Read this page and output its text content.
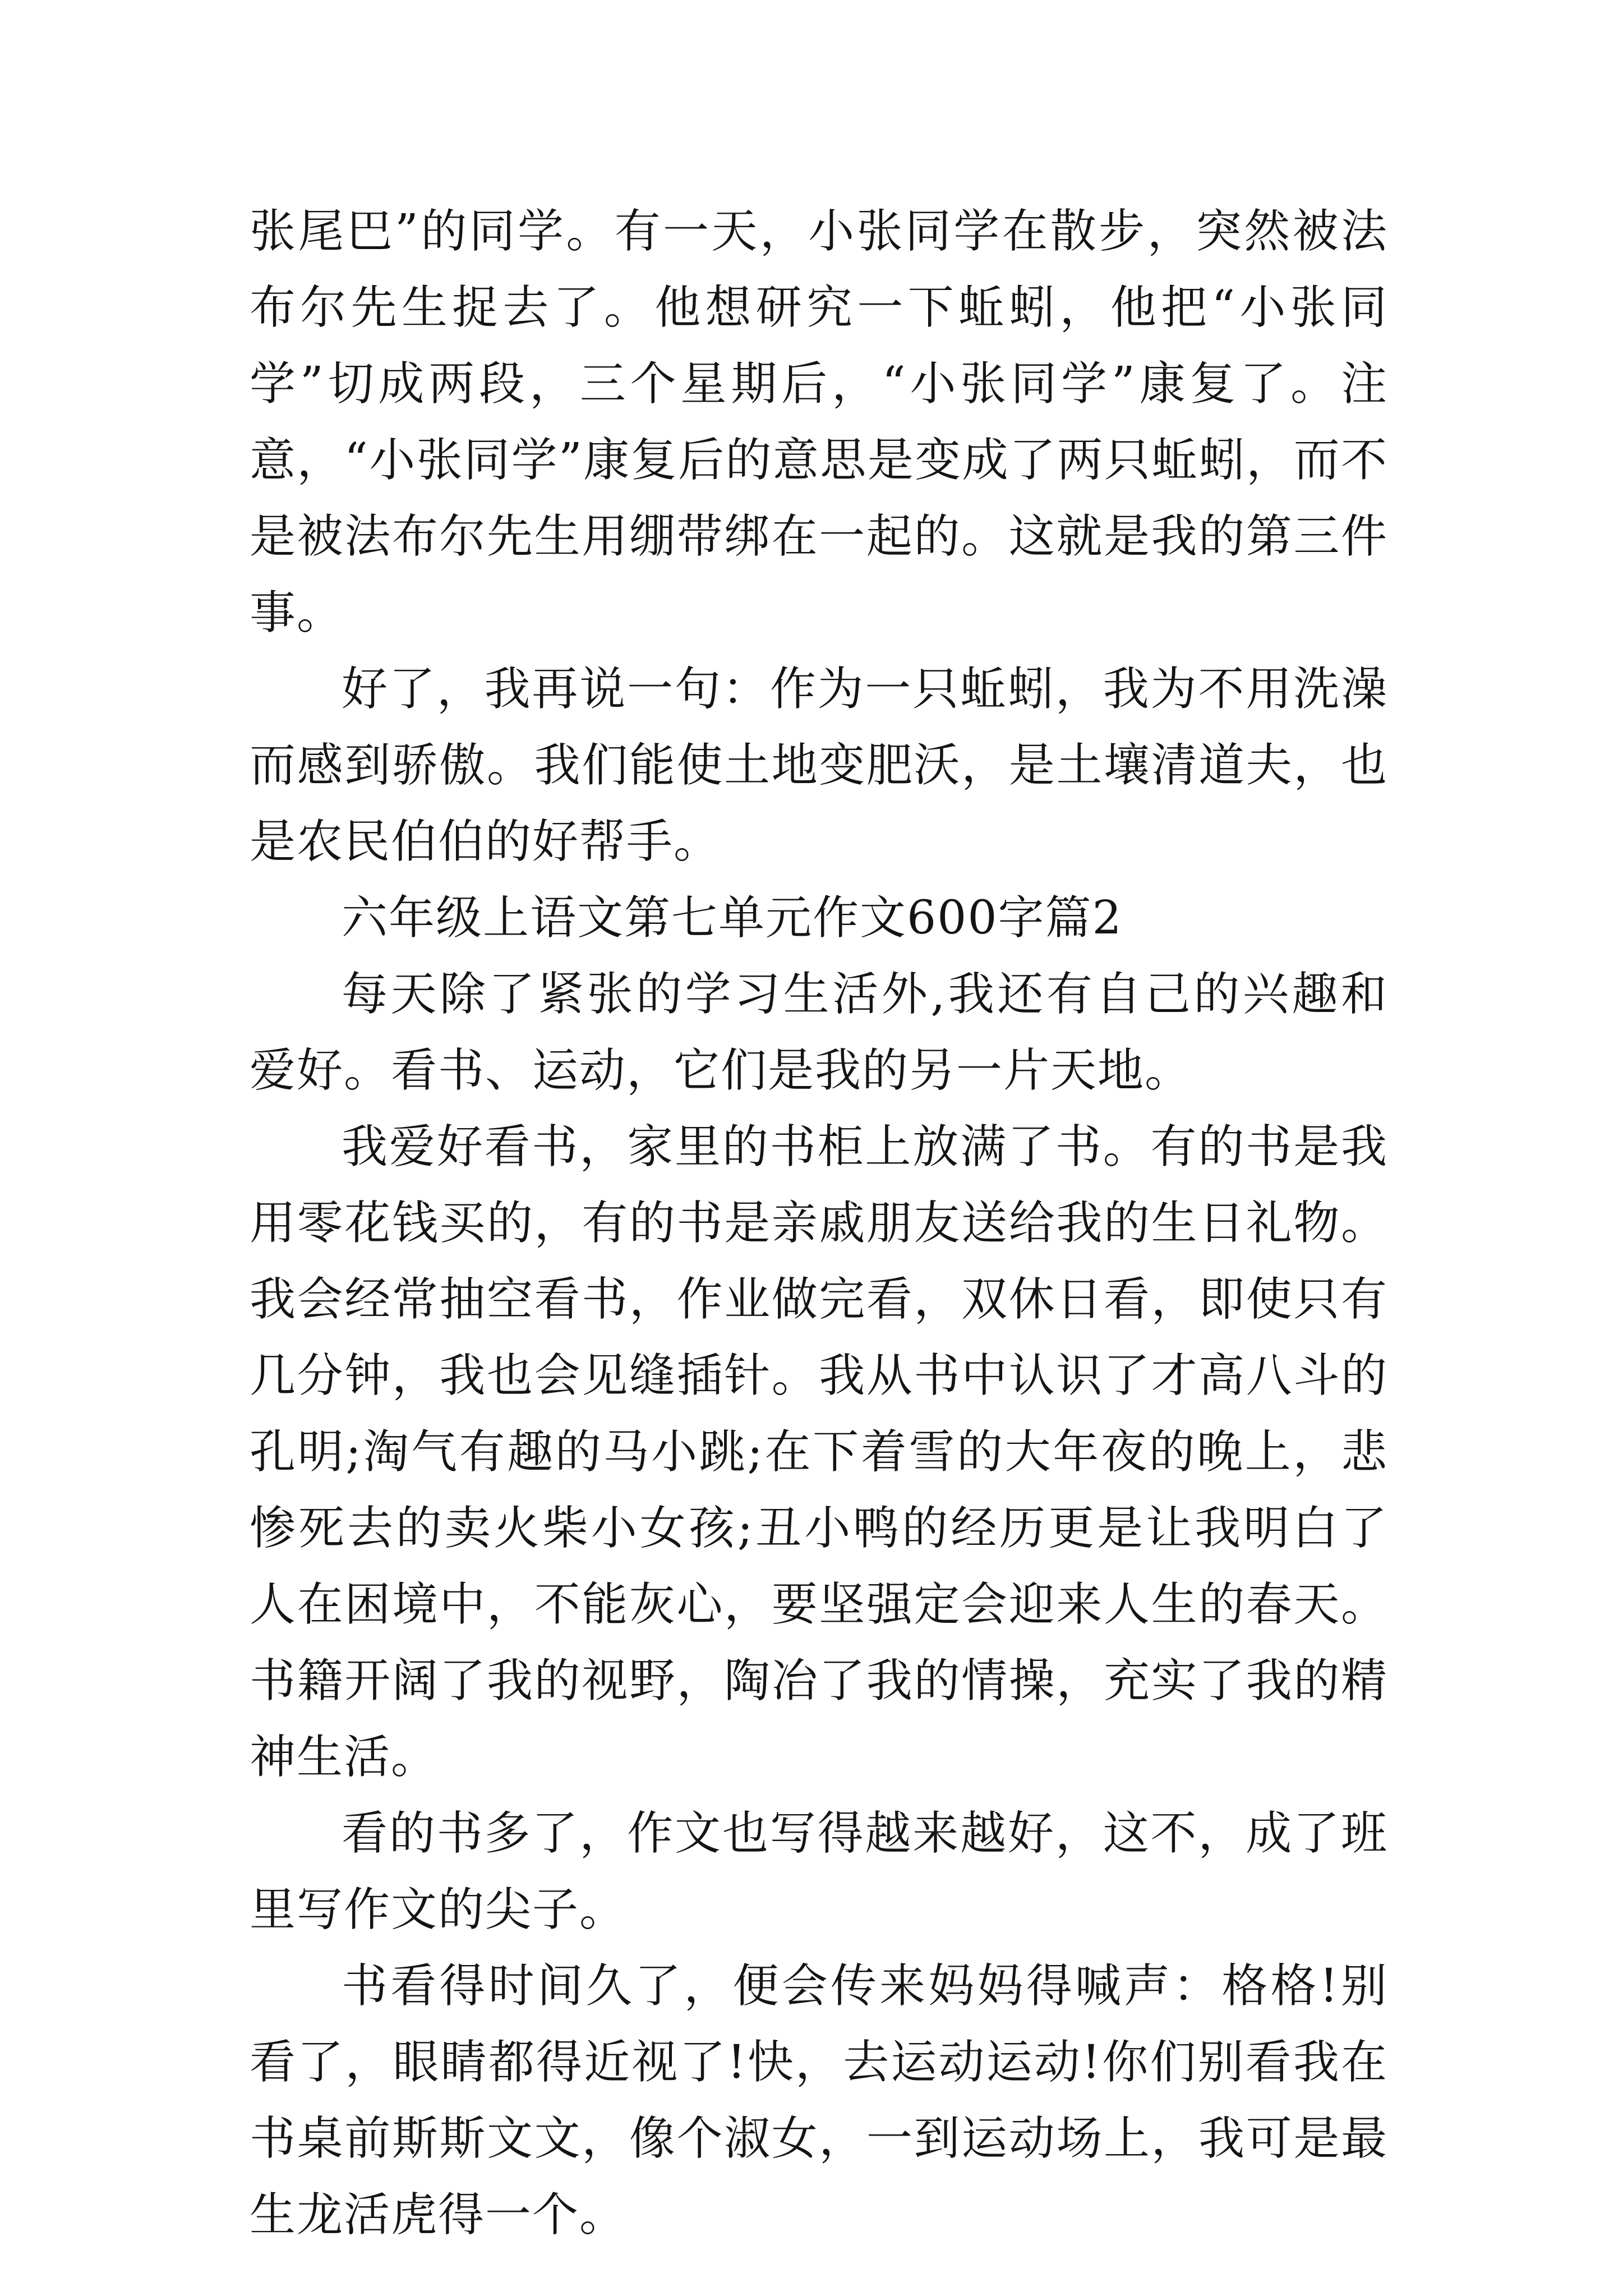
张尾巴”的同学。有一天，小张同学在散步，突然被法布尔先生捉去了。他想研究一下蚯蚓，他把“小张同学”切成两段，三个星期后，“小张同学”康复了。注意，“小张同学”康复后的意思是变成了两只蚯蚓，而不是被法布尔先生用绷带绑在一起的。这就是我的第三件事。

好了，我再说一句：作为一只蚯蚓，我为不用洗澡而感到骄傲。我们能使土地变肥沃，是土壤清道夫，也是农民伯伯的好帮手。

六年级上语文第七单元作文600字篇2

每天除了紧张的学习生活外,我还有自己的兴趣和爱好。看书、运动，它们是我的另一片天地。

我爱好看书，家里的书柜上放满了书。有的书是我用零花钱买的，有的书是亲戚朋友送给我的生日礼物。我会经常抽空看书，作业做完看，双休日看，即使只有几分钟，我也会见缝插针。我从书中认识了才高八斗的孔明;淘气有趣的马小跳;在下着雪的大年夜的晚上，悲惨死去的卖火柴小女孩;丑小鸭的经历更是让我明白了人在困境中，不能灰心，要坚强定会迎来人生的春天。书籍开阔了我的视野，陶冶了我的情操，充实了我的精神生活。

看的书多了，作文也写得越来越好，这不，成了班里写作文的尖子。

书看得时间久了，便会传来妈妈得喊声：格格!别看了，眼睛都得近视了!快，去运动运动!你们别看我在书桌前斯斯文文，像个淑女，一到运动场上，我可是最生龙活虎得一个。
